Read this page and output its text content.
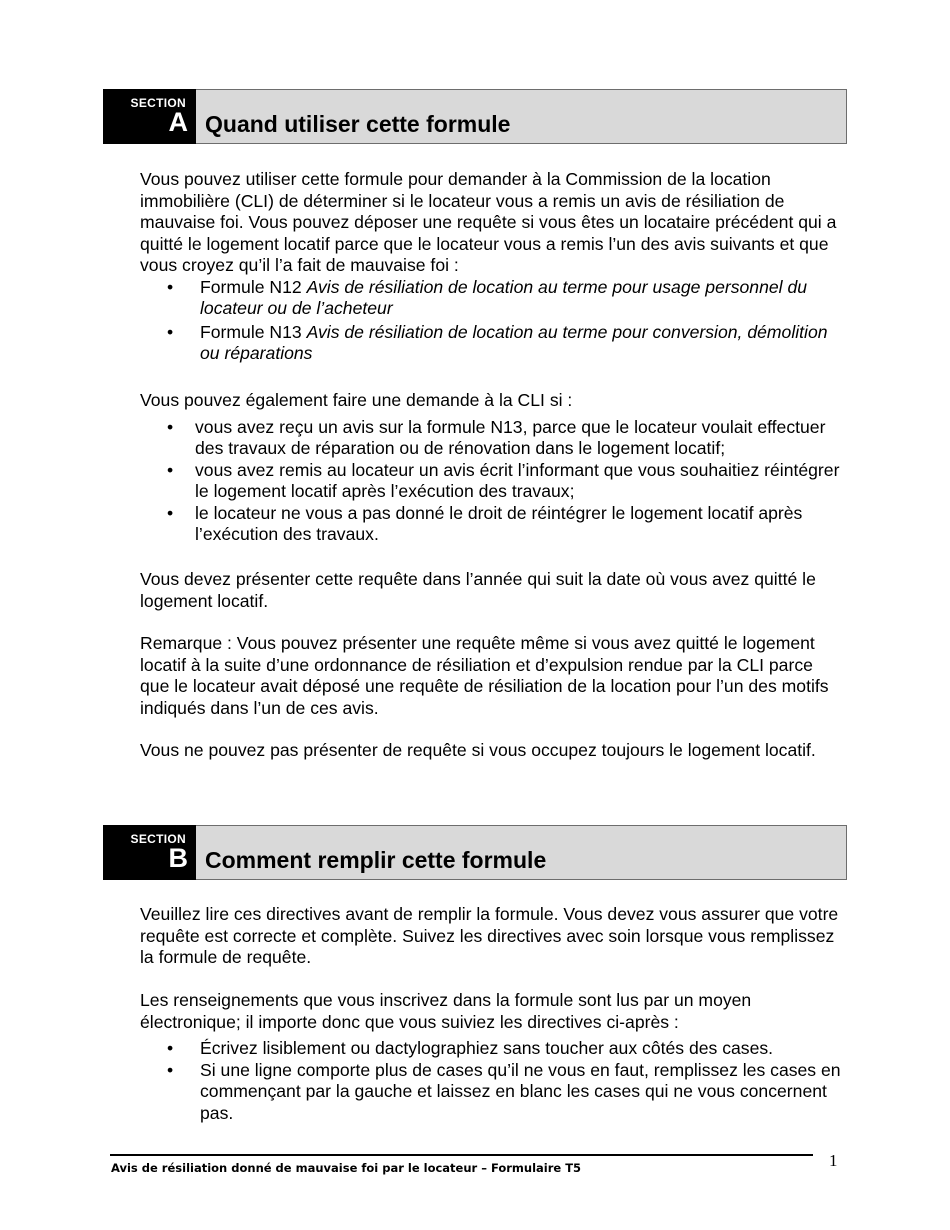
SECTION
A Quand utiliser cette formule

Vous pouvez utiliser cette formule pour demander à la Commission de la location immobilière (CLI) de déterminer si le locateur vous a remis un avis de résiliation de mauvaise foi. Vous pouvez déposer une requête si vous êtes un locataire précédent qui a quitté le logement locatif parce que le locateur vous a remis l’un des avis suivants et que vous croyez qu’il l’a fait de mauvaise foi :

• Formule N12 Avis de résiliation de location au terme pour usage personnel du locateur ou de l’acheteur
• Formule N13 Avis de résiliation de location au terme pour conversion, démolition ou réparations

Vous pouvez également faire une demande à la CLI si :

• vous avez reçu un avis sur la formule N13, parce que le locateur voulait effectuer des travaux de réparation ou de rénovation dans le logement locatif;
• vous avez remis au locateur un avis écrit l’informant que vous souhaitiez réintégrer le logement locatif après l’exécution des travaux;
• le locateur ne vous a pas donné le droit de réintégrer le logement locatif après l’exécution des travaux.
Vous devez présenter cette requête dans l’année qui suit la date où vous avez quitté le logement locatif.
Remarque : Vous pouvez présenter une requête même si vous avez quitté le logement locatif à la suite d’une ordonnance de résiliation et d’expulsion rendue par la CLI parce que le locateur avait déposé une requête de résiliation de la location pour l’un des motifs indiqués dans l’un de ces avis.
Vous ne pouvez pas présenter de requête si vous occupez toujours le logement locatif.
SECTION
B Comment remplir cette formule
Veuillez lire ces directives avant de remplir la formule. Vous devez vous assurer que votre requête est correcte et complète. Suivez les directives avec soin lorsque vous remplissez la formule de requête.

Les renseignements que vous inscrivez dans la formule sont lus par un moyen électronique; il importe donc que vous suiviez les directives ci-après :

• Écrivez lisiblement ou dactylographiez sans toucher aux côtés des cases.
• Si une ligne comporte plus de cases qu’il ne vous en faut, remplissez les cases en commençant par la gauche et laissez en blanc les cases qui ne vous concernent pas.
Avis de résiliation donné de mauvaise foi par le locateur – Formulaire T5	1
